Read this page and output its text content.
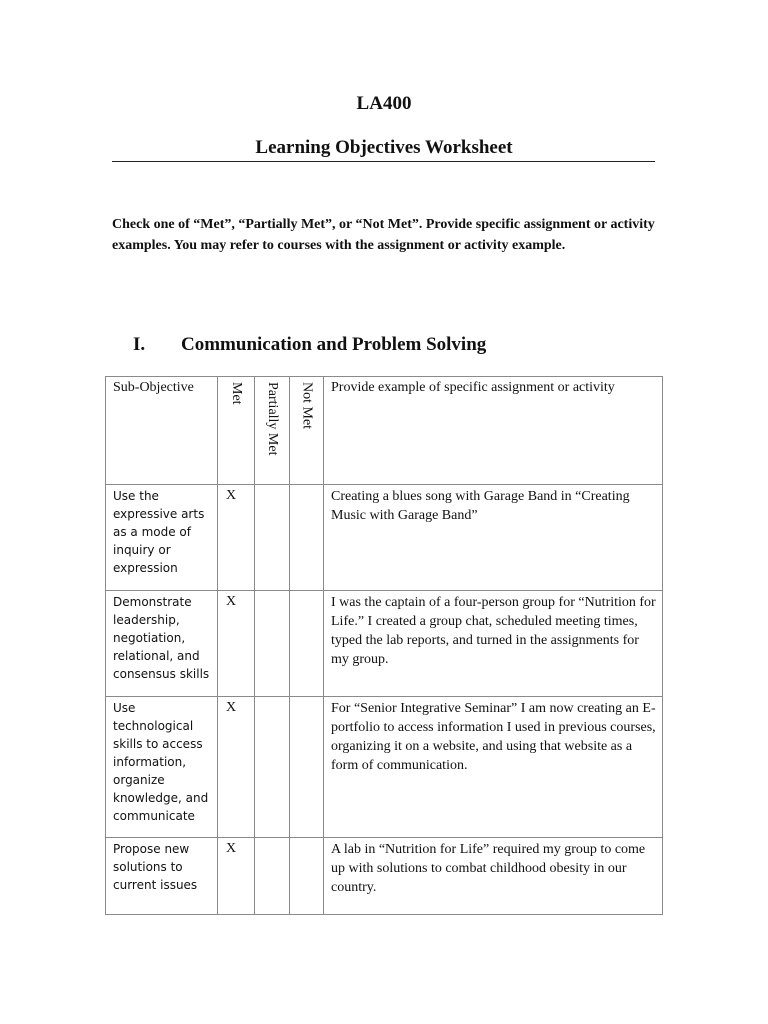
LA400
Learning Objectives Worksheet
Check one of “Met”, “Partially Met”, or “Not Met”. Provide specific assignment or activity examples. You may refer to courses with the assignment or activity example.
I. Communication and Problem Solving
Sub-Objective	Met	Partially Met	Not Met	Provide example of specific assignment or activity
Use the expressive arts as a mode of inquiry or expression	X			Creating a blues song with Garage Band in “Creating Music with Garage Band”
Demonstrate leadership, negotiation, relational, and consensus skills	X			I was the captain of a four-person group for “Nutrition for Life.” I created a group chat, scheduled meeting times, typed the lab reports, and turned in the assignments for my group.
Use technological skills to access information, organize knowledge, and communicate	X			For “Senior Integrative Seminar” I am now creating an E-portfolio to access information I used in previous courses, organizing it on a website, and using that website as a form of communication.
Propose new solutions to current issues	X			A lab in “Nutrition for Life” required my group to come up with solutions to combat childhood obesity in our country.
